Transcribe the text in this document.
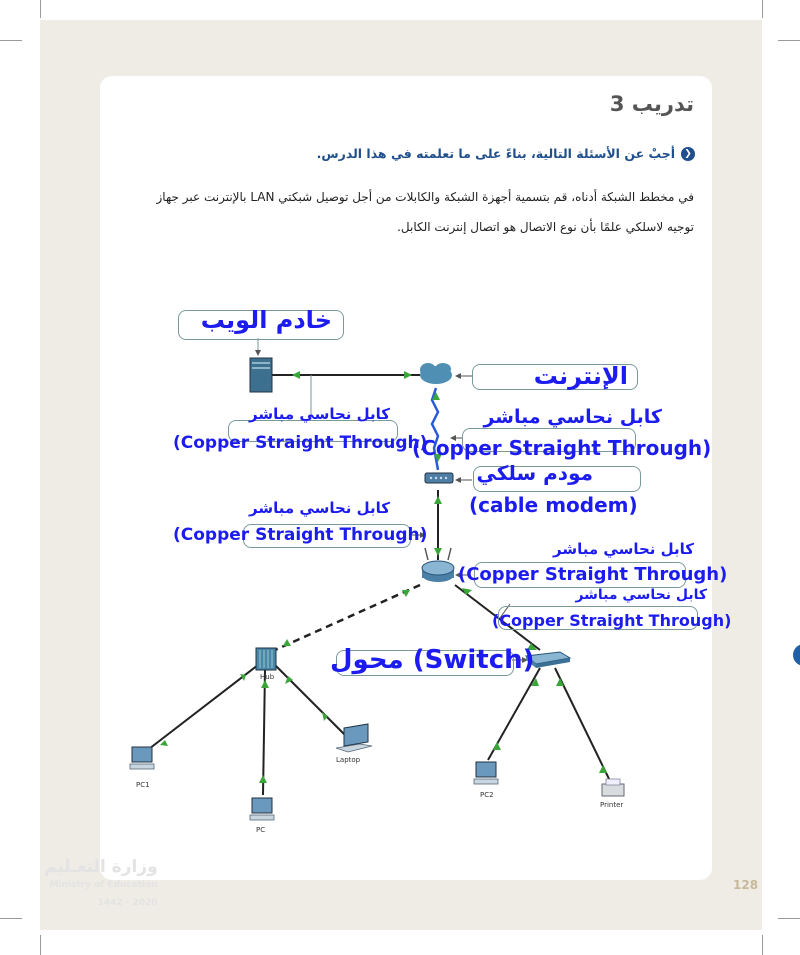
تدريب 3
❮
أجبْ عن الأسئلة التالية، بناءً على ما تعلمته في هذا الدرس.
في مخطط الشبكة أدناه، قم بتسمية أجهزة الشبكة والكابلات من أجل توصيل شبكتي LAN بالإنترنت عبر جهاز توجيه لاسلكي علمًا بأن نوع الاتصال هو اتصال إنترنت الكابل.
خادم الويب
الإنترنت
كابل نحاسي مباشر
(Copper Straight Through)
كابل نحاسي مباشر
(Copper Straight Through)
مودم سلكي
(cable modem)
كابل نحاسي مباشر
(Copper Straight Through)
كابل نحاسي مباشر
(Copper Straight Through)
كابل نحاسي مباشر
(Copper Straight Through)
محول (Switch)
Hub
Laptop
PC1
PC
PC2
Printer
وزارة التعـليم
Ministry of Education
2020 - 1442
128
